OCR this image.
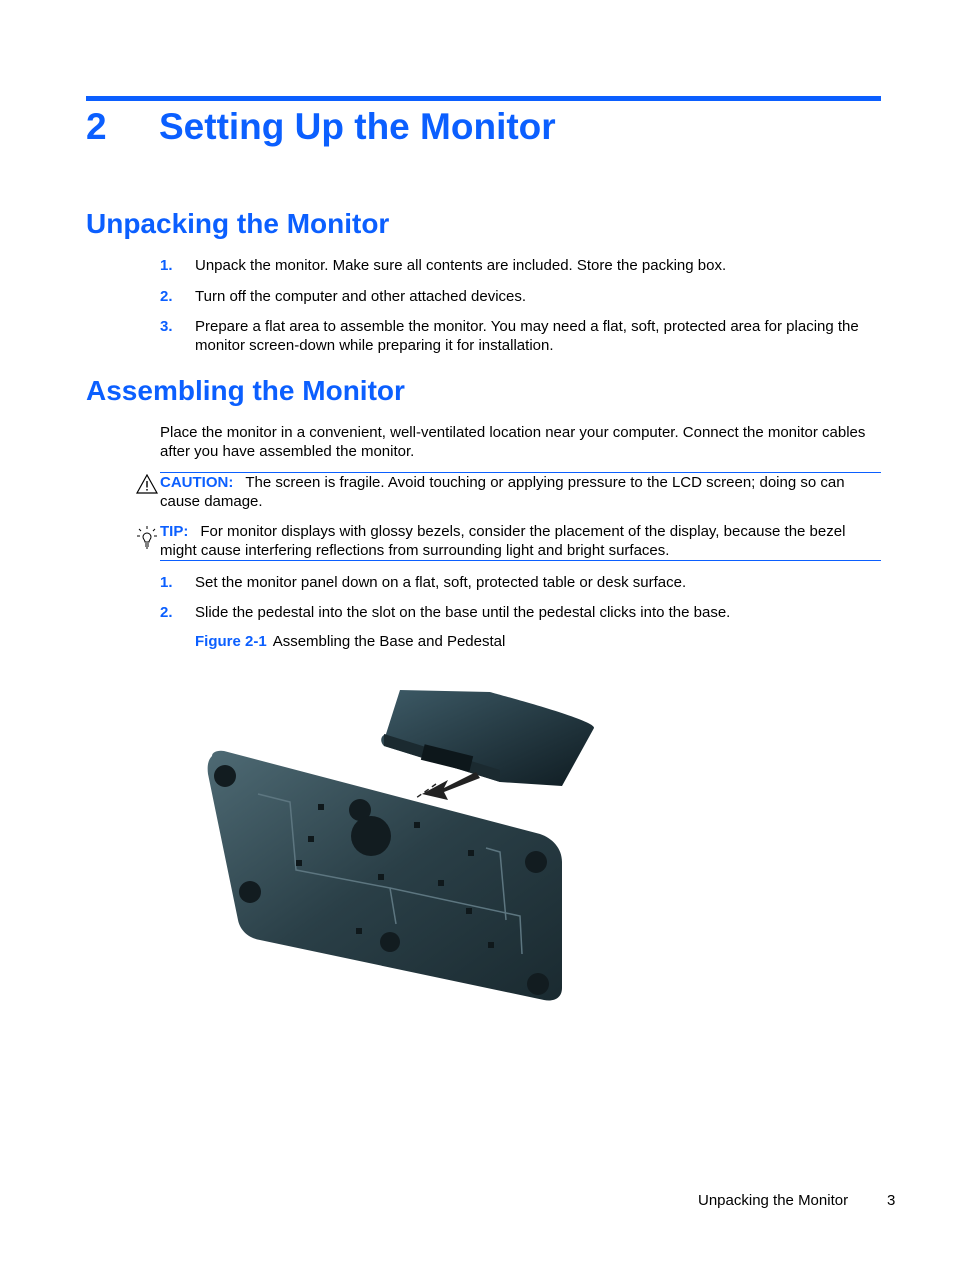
2 Setting Up the Monitor
Unpacking the Monitor
1. Unpack the monitor. Make sure all contents are included. Store the packing box.
2. Turn off the computer and other attached devices.
3. Prepare a flat area to assemble the monitor. You may need a flat, soft, protected area for placing the monitor screen-down while preparing it for installation.
Assembling the Monitor
Place the monitor in a convenient, well-ventilated location near your computer. Connect the monitor cables after you have assembled the monitor.
CAUTION: The screen is fragile. Avoid touching or applying pressure to the LCD screen; doing so can cause damage.
TIP: For monitor displays with glossy bezels, consider the placement of the display, because the bezel might cause interfering reflections from surrounding light and bright surfaces.
1. Set the monitor panel down on a flat, soft, protected table or desk surface.
2. Slide the pedestal into the slot on the base until the pedestal clicks into the base.
Figure 2-1 Assembling the Base and Pedestal
Unpacking the Monitor	3
